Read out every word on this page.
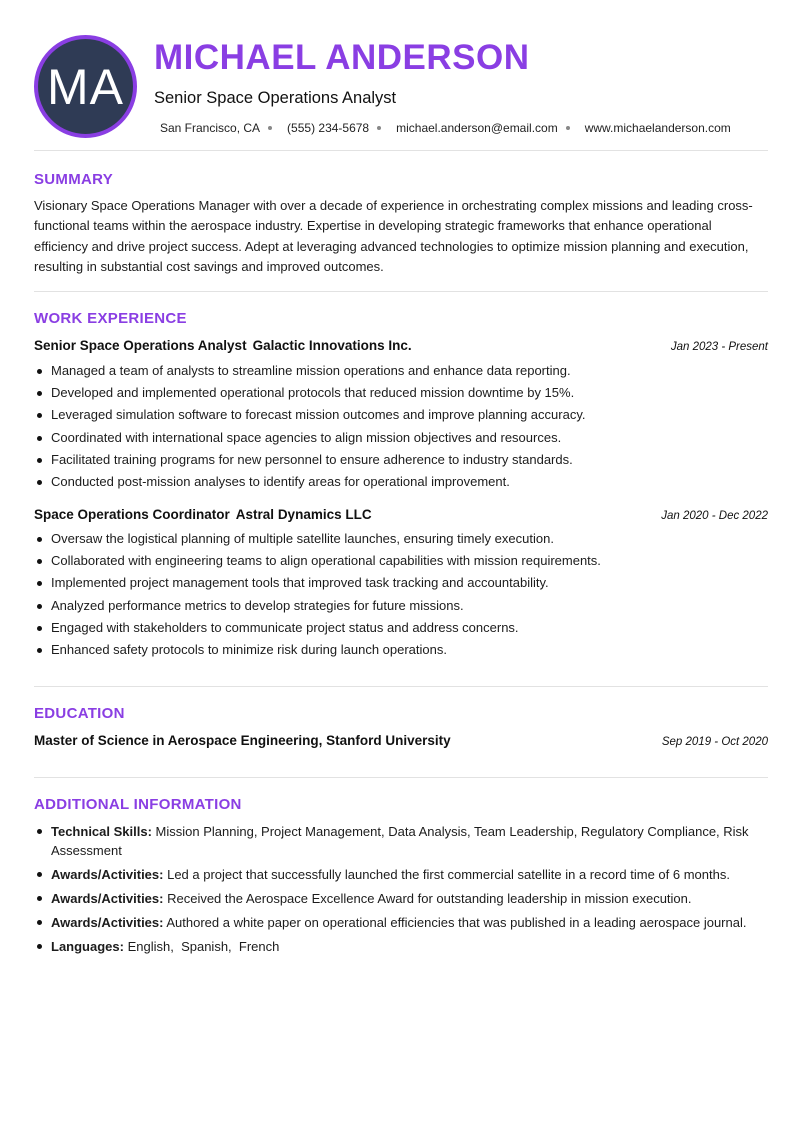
MA
MICHAEL ANDERSON
Senior Space Operations Analyst
San Francisco, CA (555) 234-5678 michael.anderson@email.com www.michaelanderson.com
SUMMARY
Visionary Space Operations Manager with over a decade of experience in orchestrating complex missions and leading cross-functional teams within the aerospace industry. Expertise in developing strategic frameworks that enhance operational efficiency and drive project success. Adept at leveraging advanced technologies to optimize mission planning and execution, resulting in substantial cost savings and improved outcomes.
WORK EXPERIENCE
Senior Space Operations Analyst Galactic Innovations Inc.	Jan 2023 - Present
Managed a team of analysts to streamline mission operations and enhance data reporting.
Developed and implemented operational protocols that reduced mission downtime by 15%.
Leveraged simulation software to forecast mission outcomes and improve planning accuracy.
Coordinated with international space agencies to align mission objectives and resources.
Facilitated training programs for new personnel to ensure adherence to industry standards.
Conducted post-mission analyses to identify areas for operational improvement.
Space Operations Coordinator Astral Dynamics LLC	Jan 2020 - Dec 2022
Oversaw the logistical planning of multiple satellite launches, ensuring timely execution.
Collaborated with engineering teams to align operational capabilities with mission requirements.
Implemented project management tools that improved task tracking and accountability.
Analyzed performance metrics to develop strategies for future missions.
Engaged with stakeholders to communicate project status and address concerns.
Enhanced safety protocols to minimize risk during launch operations.
EDUCATION
Master of Science in Aerospace Engineering, Stanford University	Sep 2019 - Oct 2020
ADDITIONAL INFORMATION
Technical Skills: Mission Planning, Project Management, Data Analysis, Team Leadership, Regulatory Compliance, Risk Assessment
Awards/Activities: Led a project that successfully launched the first commercial satellite in a record time of 6 months.
Awards/Activities: Received the Aerospace Excellence Award for outstanding leadership in mission execution.
Awards/Activities: Authored a white paper on operational efficiencies that was published in a leading aerospace journal.
Languages: English,  Spanish,  French
